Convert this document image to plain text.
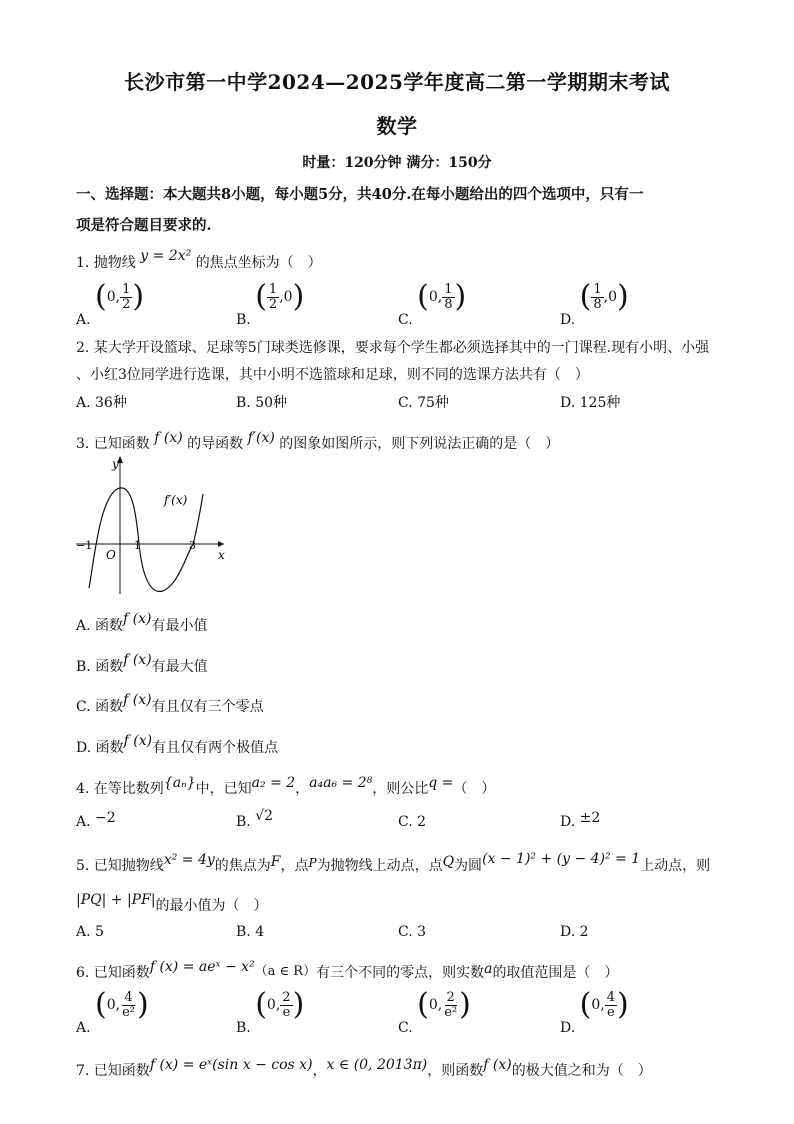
长沙市第一中学2024—2025学年度高二第一学期期末考试
数学
时量：120分钟 满分：150分
一、选择题：本大题共8小题，每小题5分，共40分.在每小题给出的四个选项中，只有一
项是符合题目要求的.
1. 抛物线 y = 2x² 的焦点坐标为（　）
A.
( 0 , $\frac{1}{2}$ )
B.
( $\frac{1}{2}$ , 0 )
C.
( 0 , $\frac{1}{8}$ )
D.
( $\frac{1}{8}$ , 0 )
2. 某大学开设篮球、足球等5门球类选修课，要求每个学生都必须选择其中的一门课程.现有小明、小强
、小红3位同学进行选课，其中小明不选篮球和足球，则不同的选课方法共有（　）
A. 36种	B. 50种	C. 75种	D. 125种
3. 已知函数 f (x) 的导函数 f′(x) 的图象如图所示，则下列说法正确的是（　）
y
x
O
−1	1	3
f′(x)
A. 函数f (x)有最小值
B. 函数f (x)有最大值
C. 函数f (x)有且仅有三个零点
D. 函数f (x)有且仅有两个极值点
4. 在等比数列{aₙ}中，已知a₂ = 2，a₄a₆ = 2⁸，则公比q =（　）
A. −2	B. √2	C. 2	D. ±2
5. 已知抛物线x² = 4y的焦点为F，点P为抛物线上动点，点Q为圆(x − 1)² + (y − 4)² = 1上动点，则
|PQ| + |PF|的最小值为（　）
A. 5	B. 4	C. 3	D. 2
6. 已知函数f (x) = aeˣ − x²（a ∈ R）有三个不同的零点，则实数a的取值范围是（　）
A.
( 0, $\frac{4}{\text{e²}}$ )
B.
( 0, $\frac{2}{e}$ )
C.
( 0, $\frac{2}{\text{e²}}$ )
D.
( 0, $\frac{4}{e}$ )
7. 已知函数f (x) = eˣ(sin x − cos x)，x ∈ (0, 2013π)，则函数f (x)的极大值之和为（　）
